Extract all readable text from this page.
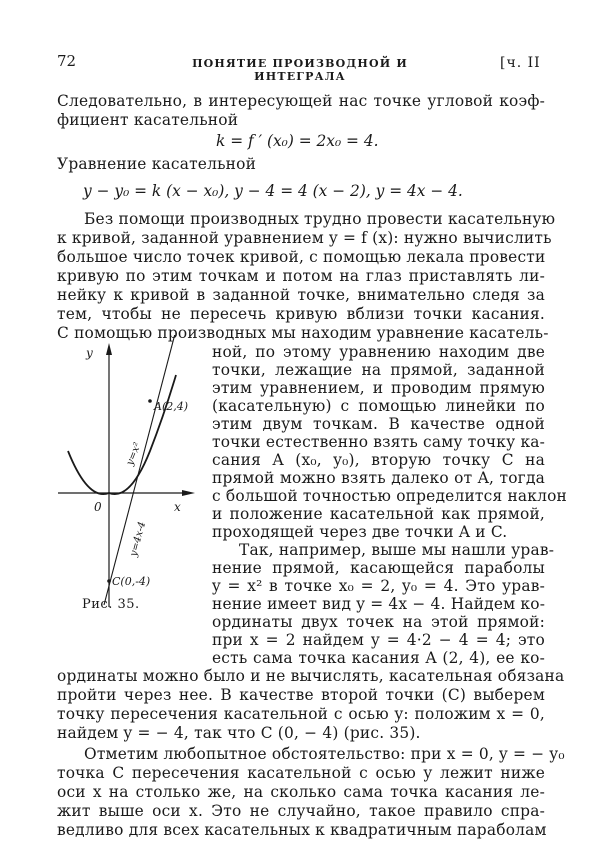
72	ПОНЯТИЕ ПРОИЗВОДНОЙ И ИНТЕГРАЛА
[ч. II
Следовательно, в интересующей нас точке угловой коэф-
фициент касательной
k = f ′ (x₀) = 2x₀ = 4.
Уравнение касательной
y − y₀ = k (x − x₀), y − 4 = 4 (x − 2), y = 4x − 4.
Без помощи производных трудно провести касательную
к кривой, заданной уравнением y = f (x): нужно вычислить
большое число точек кривой, с помощью лекала провести
кривую по этим точкам и потом на глаз приставлять ли-
нейку к кривой в заданной точке, внимательно следя за
тем, чтобы не пересечь кривую вблизи точки касания.
С помощью производных мы находим уравнение касатель-
ной, по этому уравнению находим две
точки, лежащие на прямой, заданной
этим уравнением, и проводим прямую
(касательную) с помощью линейки по
этим двум точкам. В качестве одной
точки естественно взять саму точку ка-
сания A (x₀, y₀), вторую точку C на
прямой можно взять далеко от A, тогда
с большой точностью определится наклон
и положение касательной как прямой,
проходящей через две точки A и C.
Так, например, выше мы нашли урав-
нение прямой, касающейся параболы
y = x² в точке x₀ = 2, y₀ = 4. Это урав-
нение имеет вид y = 4x − 4. Найдем ко-
ординаты двух точек на этой прямой:
при x = 2 найдем y = 4·2 − 4 = 4; это
есть сама точка касания A (2, 4), ее ко-
ординаты можно было и не вычислять, касательная обязана
пройти через нее. В качестве второй точки (C) выберем
точку пересечения касательной с осью y: положим x = 0,
найдем y = − 4, так что C (0, − 4) (рис. 35).
Отметим любопытное обстоятельство: при x = 0, y = − y₀
точка C пересечения касательной с осью y лежит ниже
оси x на столько же, на сколько сама точка касания ле-
жит выше оси x. Это не случайно, такое правило спра-
ведливо для всех касательных к квадратичным параболам
y
x
0
A(2,4)
C(0,-4)
y=x²
y=4x-4
Рис. 35.
